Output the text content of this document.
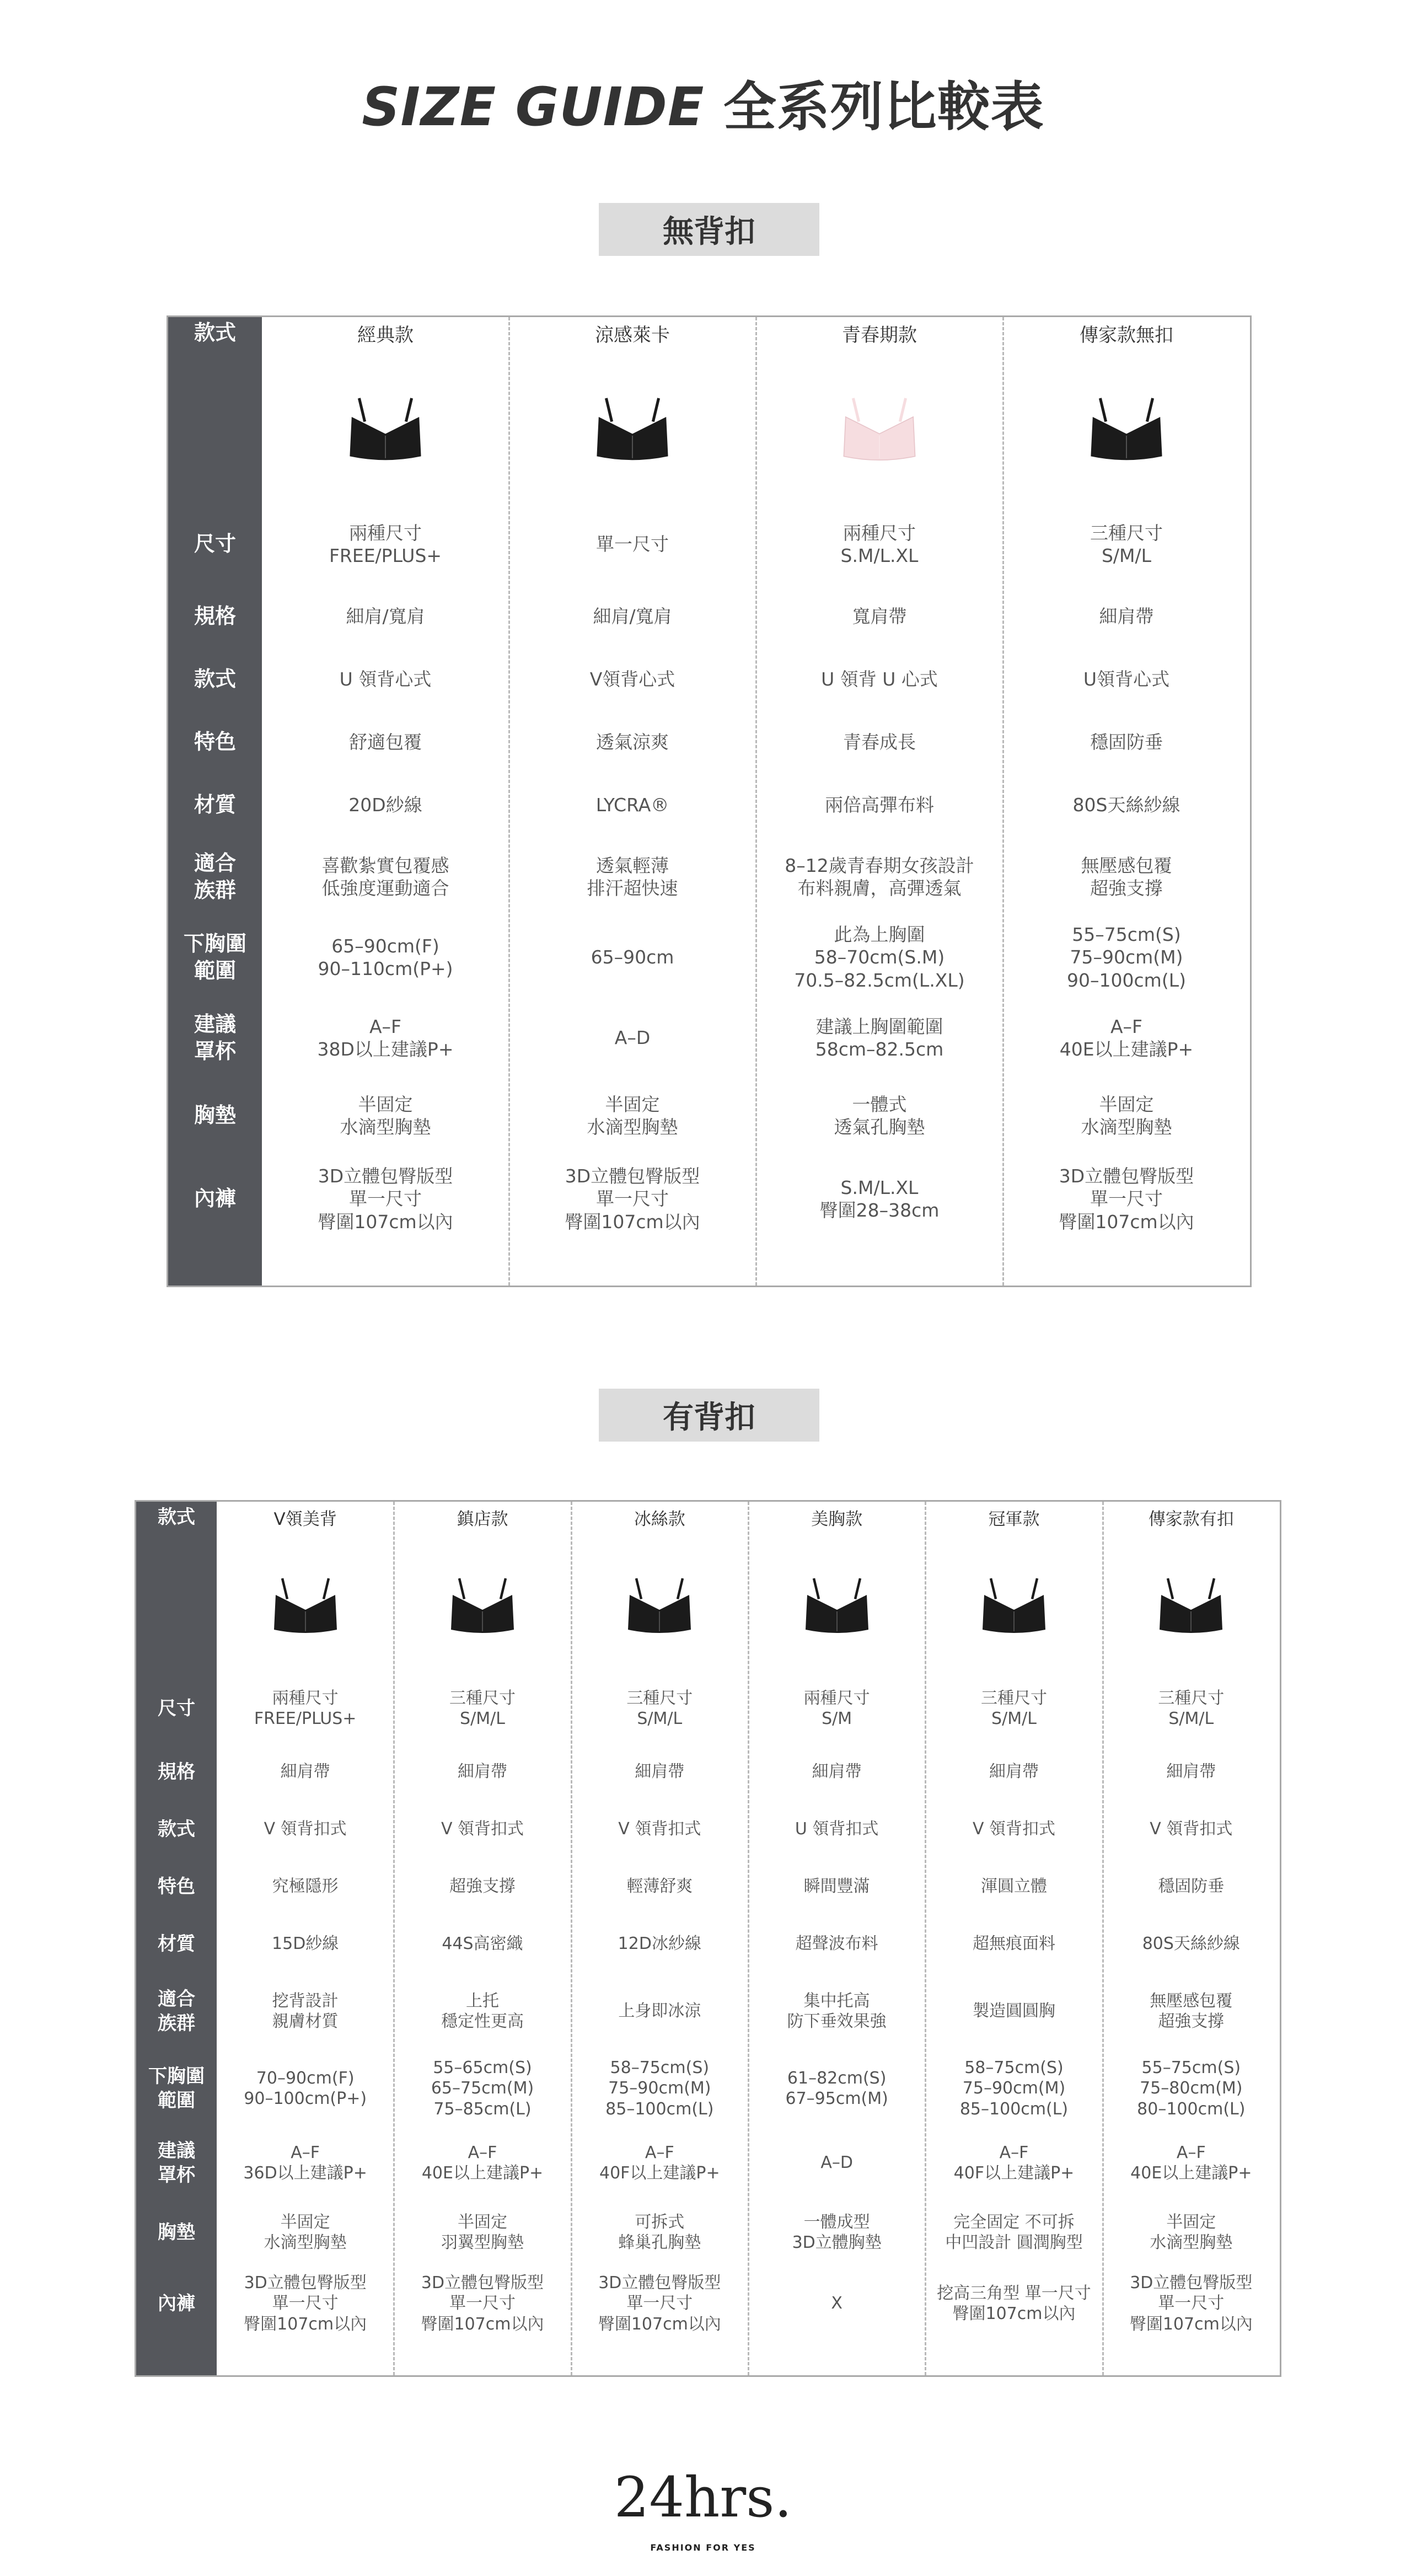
SIZE GUIDE 全系列比較表
無背扣
款式
尺寸
規格
款式
特色
材質
適合
族群
下胸圍
範圍
建議
罩杯
胸墊
內褲
經典款
兩種尺寸
FREE/PLUS+
細肩/寬肩
U 領背心式
舒適包覆
20D紗線
喜歡紮實包覆感
低強度運動適合
65–90cm(F)
90–110cm(P+)
A–F
38D以上建議P+
半固定
水滴型胸墊
3D立體包臀版型
單一尺寸
臀圍107cm以內
涼感萊卡
單一尺寸
細肩/寬肩
V領背心式
透氣涼爽
LYCRA®
透氣輕薄
排汗超快速
65–90cm
A–D
半固定
水滴型胸墊
3D立體包臀版型
單一尺寸
臀圍107cm以內
青春期款
兩種尺寸
S.M/L.XL
寬肩帶
U 領背 U 心式
青春成長
兩倍高彈布料
8–12歲青春期女孩設計
布料親膚，高彈透氣
此為上胸圍
58–70cm(S.M)
70.5–82.5cm(L.XL)
建議上胸圍範圍
58cm–82.5cm
一體式
透氣孔胸墊
S.M/L.XL
臀圍28–38cm
傳家款無扣
三種尺寸
S/M/L
細肩帶
U領背心式
穩固防垂
80S天絲紗線
無壓感包覆
超強支撐
55–75cm(S)
75–90cm(M)
90–100cm(L)
A–F
40E以上建議P+
半固定
水滴型胸墊
3D立體包臀版型
單一尺寸
臀圍107cm以內
有背扣
款式
尺寸
規格
款式
特色
材質
適合
族群
下胸圍
範圍
建議
罩杯
胸墊
內褲
V領美背
兩種尺寸
FREE/PLUS+
細肩帶
V 領背扣式
究極隱形
15D紗線
挖背設計
親膚材質
70–90cm(F)
90–100cm(P+)
A–F
36D以上建議P+
半固定
水滴型胸墊
3D立體包臀版型
單一尺寸
臀圍107cm以內
鎮店款
三種尺寸
S/M/L
細肩帶
V 領背扣式
超強支撐
44S高密織
上托
穩定性更高
55–65cm(S)
65–75cm(M)
75–85cm(L)
A–F
40E以上建議P+
半固定
羽翼型胸墊
3D立體包臀版型
單一尺寸
臀圍107cm以內
冰絲款
三種尺寸
S/M/L
細肩帶
V 領背扣式
輕薄舒爽
12D冰紗線
上身即冰涼
58–75cm(S)
75–90cm(M)
85–100cm(L)
A–F
40F以上建議P+
可拆式
蜂巢孔胸墊
3D立體包臀版型
單一尺寸
臀圍107cm以內
美胸款
兩種尺寸
S/M
細肩帶
U 領背扣式
瞬間豐滿
超聲波布料
集中托高
防下垂效果強
61–82cm(S)
67–95cm(M)
A–D
一體成型
3D立體胸墊
X
冠軍款
三種尺寸
S/M/L
細肩帶
V 領背扣式
渾圓立體
超無痕面料
製造圓圓胸
58–75cm(S)
75–90cm(M)
85–100cm(L)
A–F
40F以上建議P+
完全固定 不可拆
中凹設計 圓潤胸型
挖高三角型 單一尺寸
臀圍107cm以內
傳家款有扣
三種尺寸
S/M/L
細肩帶
V 領背扣式
穩固防垂
80S天絲紗線
無壓感包覆
超強支撐
55–75cm(S)
75–80cm(M)
80–100cm(L)
A–F
40E以上建議P+
半固定
水滴型胸墊
3D立體包臀版型
單一尺寸
臀圍107cm以內
24hrs.
FASHION FOR YES
